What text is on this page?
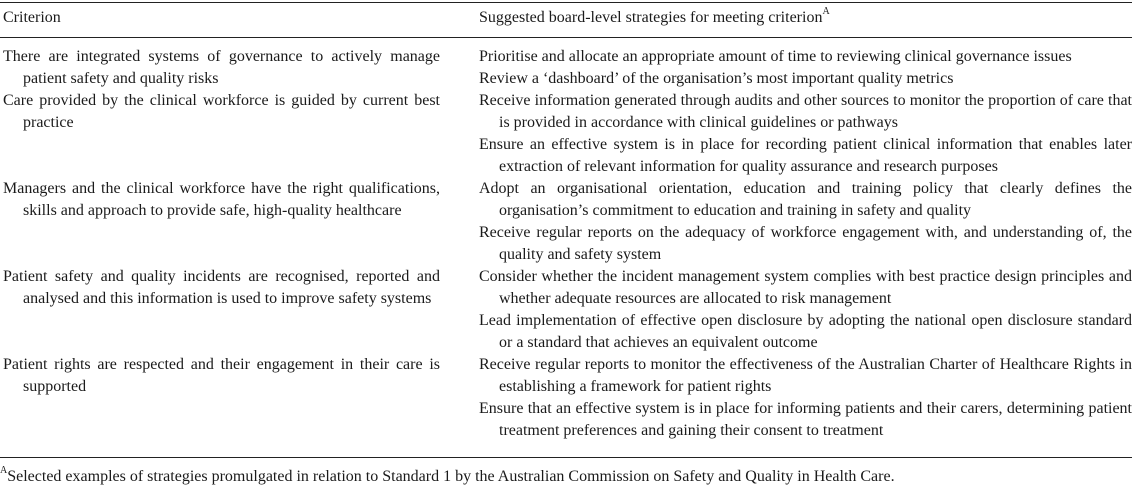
Criterion	Suggested board-level strategies for meeting criterion$^A$

There are integrated systems of governance to actively manage patient safety and quality risks

Prioritise and allocate an appropriate amount of time to reviewing clinical governance issues

Review a ‘dashboard’ of the organisation’s most important quality metrics

Care provided by the clinical workforce is guided by current best practice

Receive information generated through audits and other sources to monitor the proportion of care that is provided in accordance with clinical guidelines or pathways

Ensure an effective system is in place for recording patient clinical information that enables later extraction of relevant information for quality assurance and research purposes

Managers and the clinical workforce have the right qualifications, skills and approach to provide safe, high-quality healthcare

Adopt an organisational orientation, education and training policy that clearly defines the organisation’s commitment to education and training in safety and quality

Receive regular reports on the adequacy of workforce engagement with, and understanding of, the quality and safety system

Patient safety and quality incidents are recognised, reported and analysed and this information is used to improve safety systems

Consider whether the incident management system complies with best practice design principles and whether adequate resources are allocated to risk management

Lead implementation of effective open disclosure by adopting the national open disclosure standard or a standard that achieves an equivalent outcome

Patient rights are respected and their engagement in their care is supported

Receive regular reports to monitor the effectiveness of the Australian Charter of Healthcare Rights in establishing a framework for patient rights

Ensure that an effective system is in place for informing patients and their carers, determining patient treatment preferences and gaining their consent to treatment

$^A$Selected examples of strategies promulgated in relation to Standard 1 by the Australian Commission on Safety and Quality in Health Care.
